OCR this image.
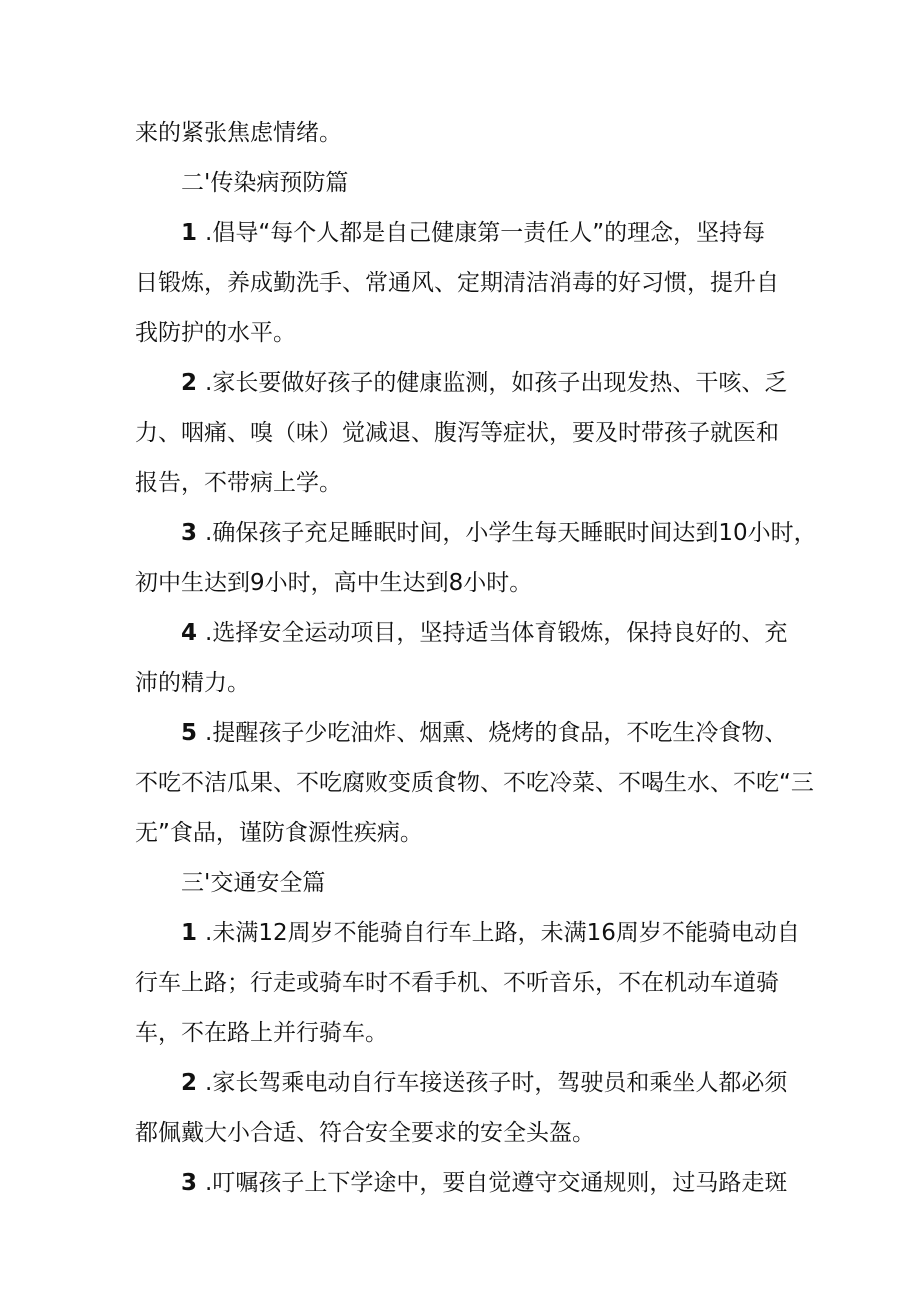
来的紧张焦虑情绪。
二'传染病预防篇
1 .倡导“每个人都是自己健康第一责任人”的理念，坚持每
日锻炼，养成勤洗手、常通风、定期清洁消毒的好习惯，提升自
我防护的水平。
2 .家长要做好孩子的健康监测，如孩子出现发热、干咳、乏
力、咽痛、嗅（味）觉减退、腹泻等症状，要及时带孩子就医和
报告，不带病上学。
3 .确保孩子充足睡眠时间，小学生每天睡眠时间达到10小时，
初中生达到9小时，高中生达到8小时。
4 .选择安全运动项目，坚持适当体育锻炼，保持良好的、充
沛的精力。
5 .提醒孩子少吃油炸、烟熏、烧烤的食品，不吃生冷食物、
不吃不洁瓜果、不吃腐败变质食物、不吃冷菜、不喝生水、不吃“三
无”食品，谨防食源性疾病。
三'交通安全篇
1 .未满12周岁不能骑自行车上路，未满16周岁不能骑电动自
行车上路；行走或骑车时不看手机、不听音乐，不在机动车道骑
车，不在路上并行骑车。
2 .家长驾乘电动自行车接送孩子时，驾驶员和乘坐人都必须
都佩戴大小合适、符合安全要求的安全头盔。
3 .叮嘱孩子上下学途中，要自觉遵守交通规则，过马路走斑
